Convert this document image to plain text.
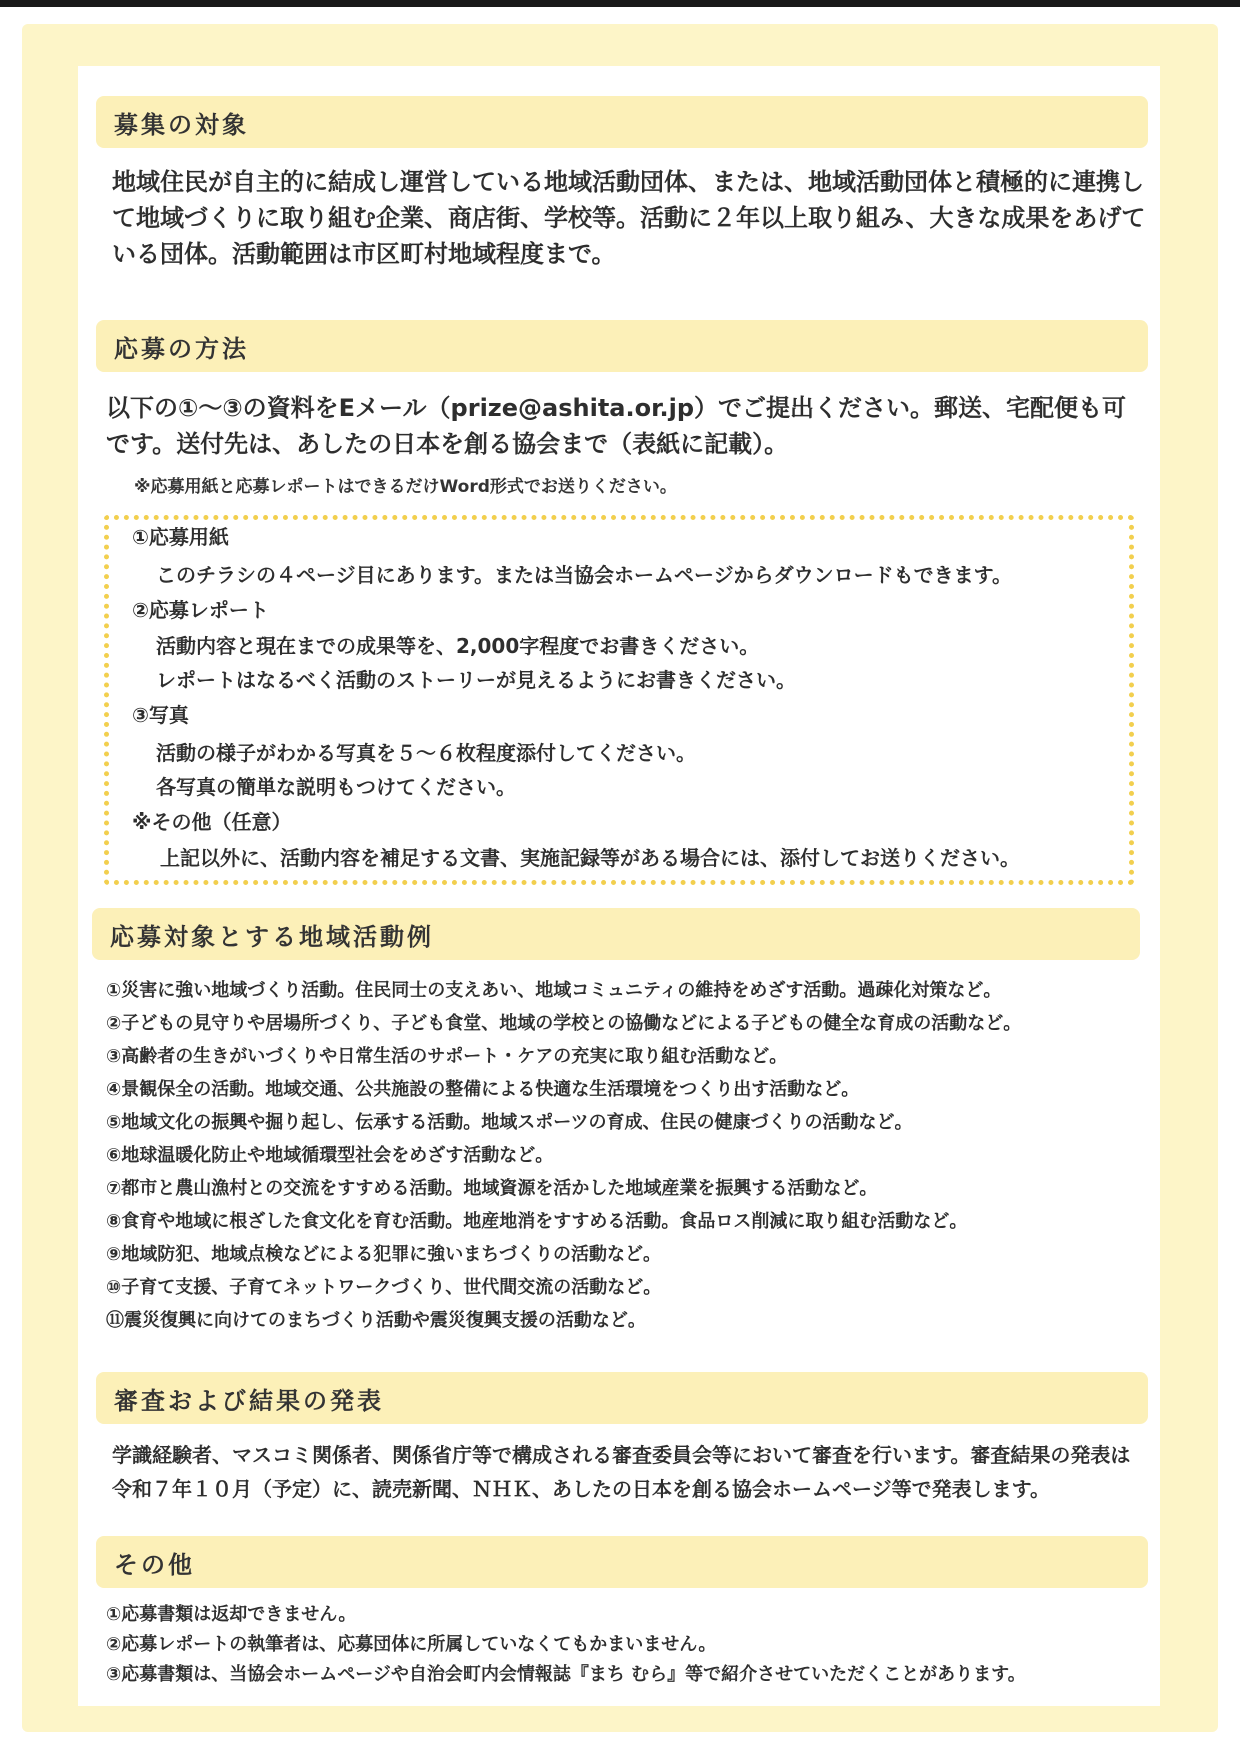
募集の対象

地域住民が自主的に結成し運営している地域活動団体、または、地域活動団体と積極的に連携して地域づくりに取り組む企業、商店街、学校等。活動に２年以上取り組み、大きな成果をあげている団体。活動範囲は市区町村地域程度まで。

応募の方法

以下の①～③の資料をEメール（prize@ashita.or.jp）でご提出ください。郵送、宅配便も可です。送付先は、あしたの日本を創る協会まで（表紙に記載）。

※応募用紙と応募レポートはできるだけWord形式でお送りください。
①応募用紙
このチラシの４ページ目にあります。または当協会ホームページからダウンロードもできます。
②応募レポート
活動内容と現在までの成果等を、2,000字程度でお書きください。
レポートはなるべく活動のストーリーが見えるようにお書きください。
③写真
活動の様子がわかる写真を５～６枚程度添付してください。
各写真の簡単な説明もつけてください。
※その他（任意）
上記以外に、活動内容を補足する文書、実施記録等がある場合には、添付してお送りください。
応募対象とする地域活動例
①災害に強い地域づくり活動。住民同士の支えあい、地域コミュニティの維持をめざす活動。過疎化対策など。
②子どもの見守りや居場所づくり、子ども食堂、地域の学校との協働などによる子どもの健全な育成の活動など。
③高齢者の生きがいづくりや日常生活のサポート・ケアの充実に取り組む活動など。
④景観保全の活動。地域交通、公共施設の整備による快適な生活環境をつくり出す活動など。
⑤地域文化の振興や掘り起し、伝承する活動。地域スポーツの育成、住民の健康づくりの活動など。
⑥地球温暖化防止や地域循環型社会をめざす活動など。
⑦都市と農山漁村との交流をすすめる活動。地域資源を活かした地域産業を振興する活動など。
⑧食育や地域に根ざした食文化を育む活動。地産地消をすすめる活動。食品ロス削減に取り組む活動など。
⑨地域防犯、地域点検などによる犯罪に強いまちづくりの活動など。
⑩子育て支援、子育てネットワークづくり、世代間交流の活動など。
⑪震災復興に向けてのまちづくり活動や震災復興支援の活動など。
審査および結果の発表

学識経験者、マスコミ関係者、関係省庁等で構成される審査委員会等において審査を行います。審査結果の発表は令和７年１０月（予定）に、読売新聞、ＮＨＫ、あしたの日本を創る協会ホームページ等で発表します。

その他
①応募書類は返却できません。
②応募レポートの執筆者は、応募団体に所属していなくてもかまいません。
③応募書類は、当協会ホームページや自治会町内会情報誌『まち むら』等で紹介させていただくことがあります。
